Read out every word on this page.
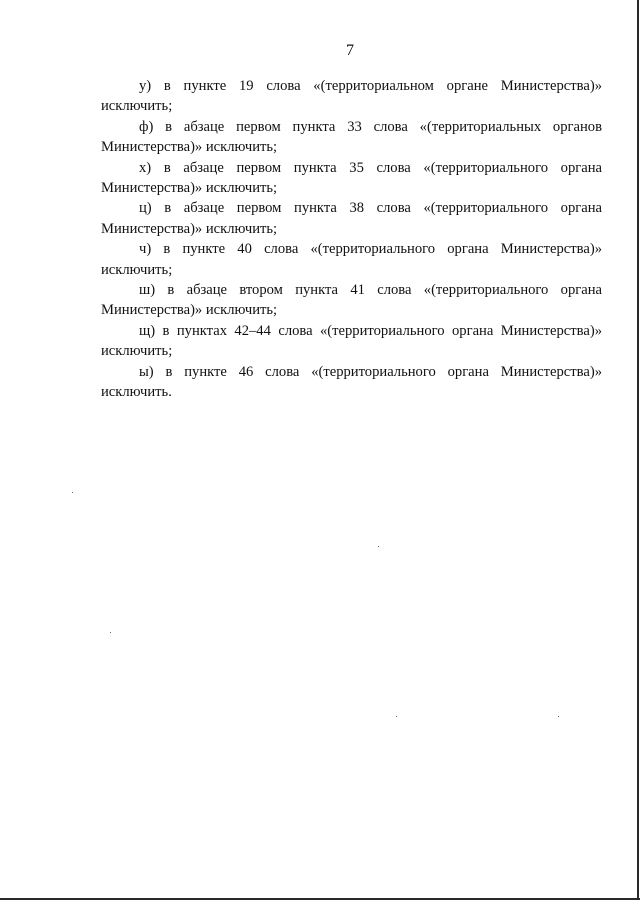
7

у) в пункте 19 слова «(территориальном органе Министерства)» исключить;

ф) в абзаце первом пункта 33 слова «(территориальных органов Министерства)» исключить;

х) в абзаце первом пункта 35 слова «(территориального органа Министерства)» исключить;

ц) в абзаце первом пункта 38 слова «(территориального органа Министерства)» исключить;

ч) в пункте 40 слова «(территориального органа Министерства)» исключить;

ш) в абзаце втором пункта 41 слова «(территориального органа Министерства)» исключить;

щ) в пунктах 42–44 слова «(территориального органа Министерства)» исключить;

ы) в пункте 46 слова «(территориального органа Министерства)» исключить.
